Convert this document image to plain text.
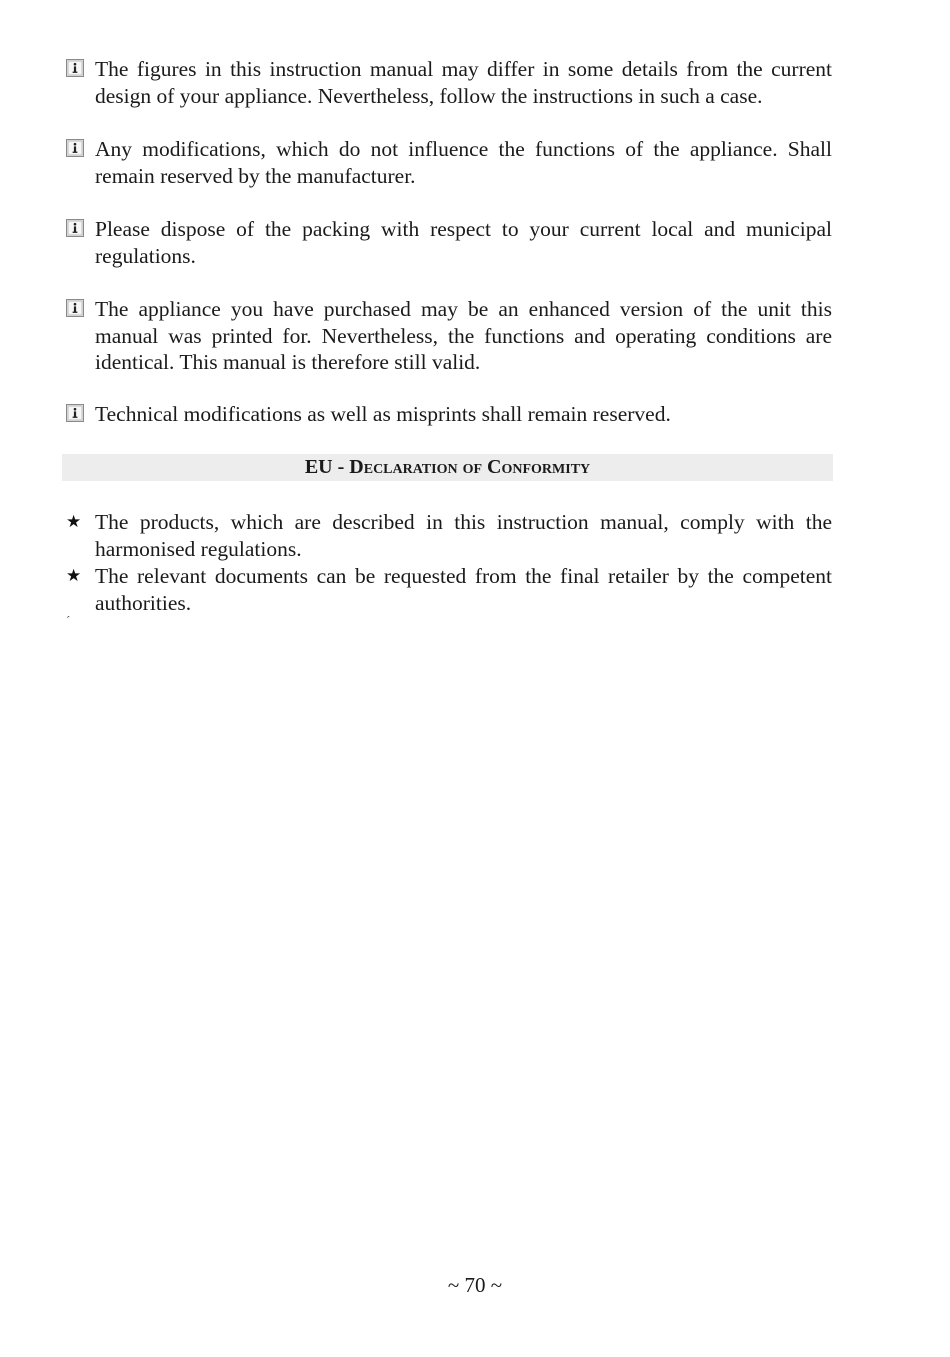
The figures in this instruction manual may differ in some details from the current design of your appliance. Nevertheless, follow the instructions in such a case.
Any modifications, which do not influence the functions of the appliance. Shall remain reserved by the manufacturer.
Please dispose of the packing with respect to your current local and municipal regulations.
The appliance you have purchased may be an enhanced version of the unit this manual was printed for. Nevertheless, the functions and operating conditions are identical. This manual is therefore still valid.
Technical modifications as well as misprints shall remain reserved.
EU - Declaration of Conformity
★ The products, which are described in this instruction manual, comply with the harmonised regulations.
★ The relevant documents can be requested from the final retailer by the competent authorities.
´
~ 70 ~
